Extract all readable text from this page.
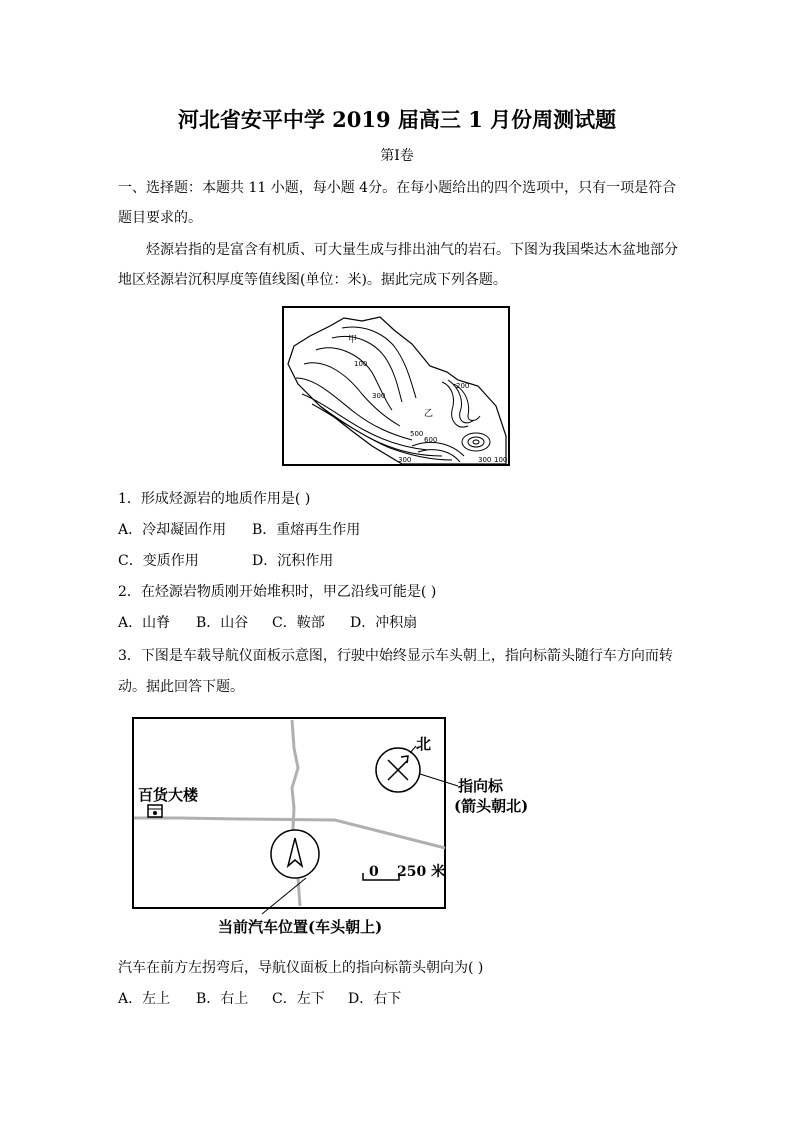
河北省安平中学 2019 届高三 1 月份周测试题
第Ⅰ卷
一、选择题：本题共 11 小题，每小题 4分。在每小题给出的四个选项中，只有一项是符合
题目要求的。
烃源岩指的是富含有机质、可大量生成与排出油气的岩石。下图为我国柴达木盆地部分
地区烃源岩沉积厚度等值线图(单位：米)。据此完成下列各题。
甲
乙
100
300
200
500
600
300	300 100
1．形成烃源岩的地质作用是( )
A．冷却凝固作用 B．重熔再生作用
C．变质作用	D．沉积作用
2．在烃源岩物质刚开始堆积时，甲乙沿线可能是( )
A．山脊 B．山谷 C．鞍部 D．冲积扇
3．下图是车载导航仪面板示意图，行驶中始终显示车头朝上，指向标箭头随行车方向而转
动。据此回答下题。
北
指向标
(箭头朝北)
百货大楼
当前汽车位置(车头朝上)
0 250 米
汽车在前方左拐弯后，导航仪面板上的指向标箭头朝向为( )
A．左上 B．右上 C．左下 D．右下
